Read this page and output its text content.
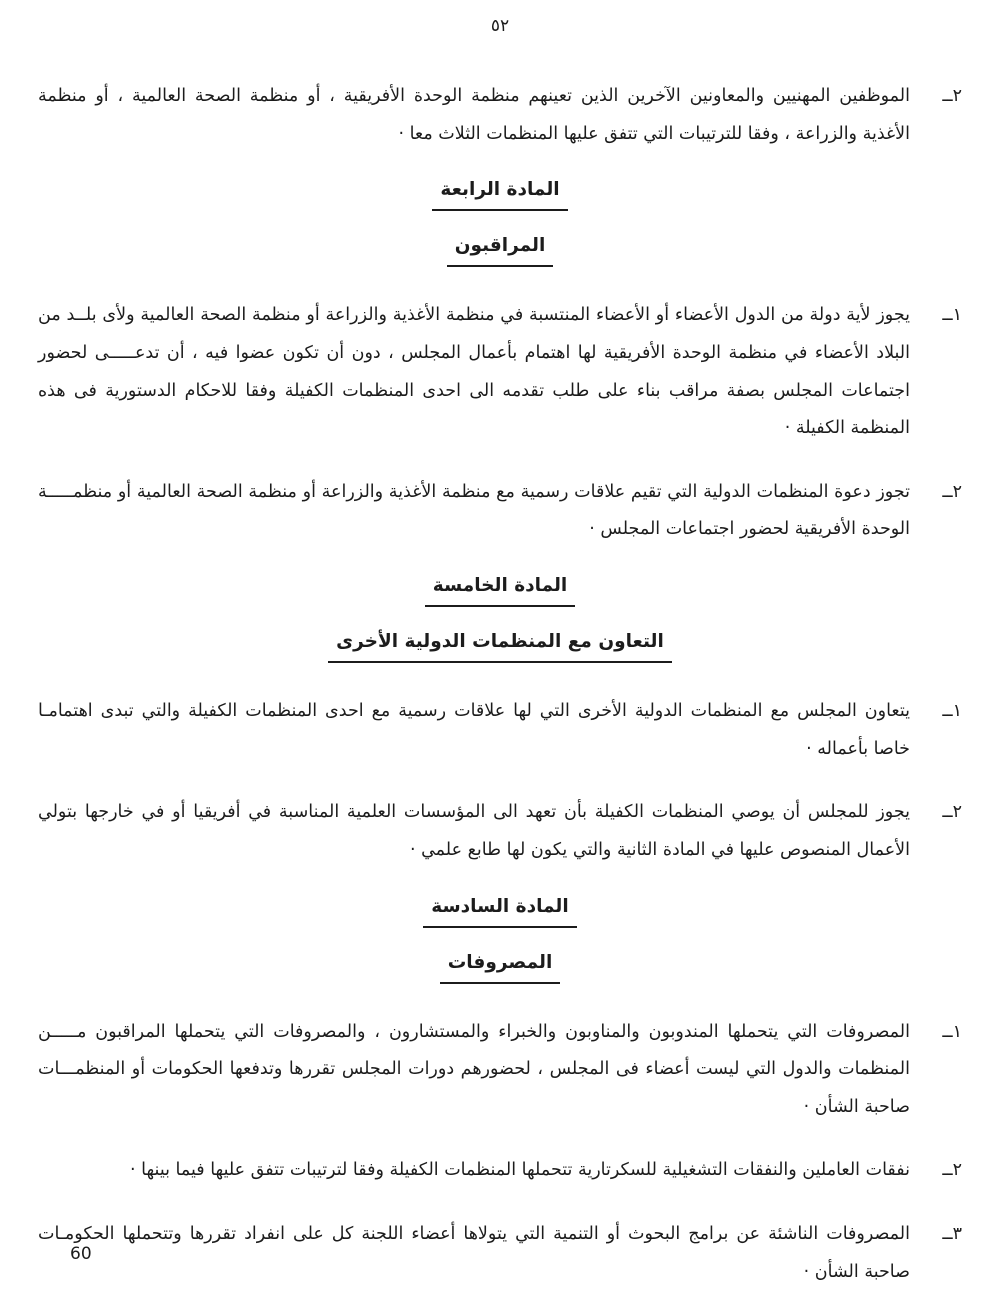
٥٢
٢ــ
الموظفين المهنيين والمعاونين الآخرين الذين تعينهم منظمة الوحدة الأفريقية ، أو منظمة الصحة العالمية ، أو منظمة الأغذية والزراعة ، وفقا للترتيبات التي تتفق عليها المنظمات الثلاث معا ·
المادة الرابعة
المراقبون
١ــ
يجوز لأية دولة من الدول الأعضاء أو الأعضاء المنتسبة في منظمة الأغذية والزراعة أو منظمة الصحة العالمية ولأى بلــد من البلاد الأعضاء في منظمة الوحدة الأفريقية لها اهتمام بأعمال المجلس ، دون أن تكون عضوا فيه ، أن تدعـــــى لحضور اجتماعات المجلس بصفة مراقب بناء على طلب تقدمه الى احدى المنظمات الكفيلة وفقا للاحكام الدستورية فى هذه المنظمة الكفيلة ·
٢ــ
تجوز دعوة المنظمات الدولية التي تقيم علاقات رسمية مع منظمة الأغذية والزراعة أو منظمة الصحة العالمية أو منظمـــــة الوحدة الأفريقية لحضور اجتماعات المجلس ·
المادة الخامسة
التعاون مع المنظمات الدولية الأخرى
١ــ
يتعاون المجلس مع المنظمات الدولية الأخرى التي لها علاقات رسمية مع احدى المنظمات الكفيلة والتي تبدى اهتمامـا خاصا بأعماله ·
٢ــ
يجوز للمجلس أن يوصي المنظمات الكفيلة بأن تعهد الى المؤسسات العلمية المناسبة في أفريقيا أو في خارجها بتولي الأعمال المنصوص عليها في المادة الثانية والتي يكون لها طابع علمي ·
المادة السادسة
المصروفات
١ــ
المصروفات التي يتحملها المندوبون والمناوبون والخبراء والمستشارون ، والمصروفات التي يتحملها المراقبون مـــــن المنظمات والدول التي ليست أعضاء فى المجلس ، لحضورهم دورات المجلس تقررها وتدفعها الحكومات أو المنظمـــات صاحبة الشأن ·
٢ــ
نفقات العاملين والنفقات التشغيلية للسكرتارية تتحملها المنظمات الكفيلة وفقا لترتيبات تتفق عليها فيما بينها ·
٣ــ
المصروفات الناشئة عن برامج البحوث أو التنمية التي يتولاها أعضاء اللجنة كل على انفراد تقررها وتتحملها الحكومـات صاحبة الشأن ·
60
